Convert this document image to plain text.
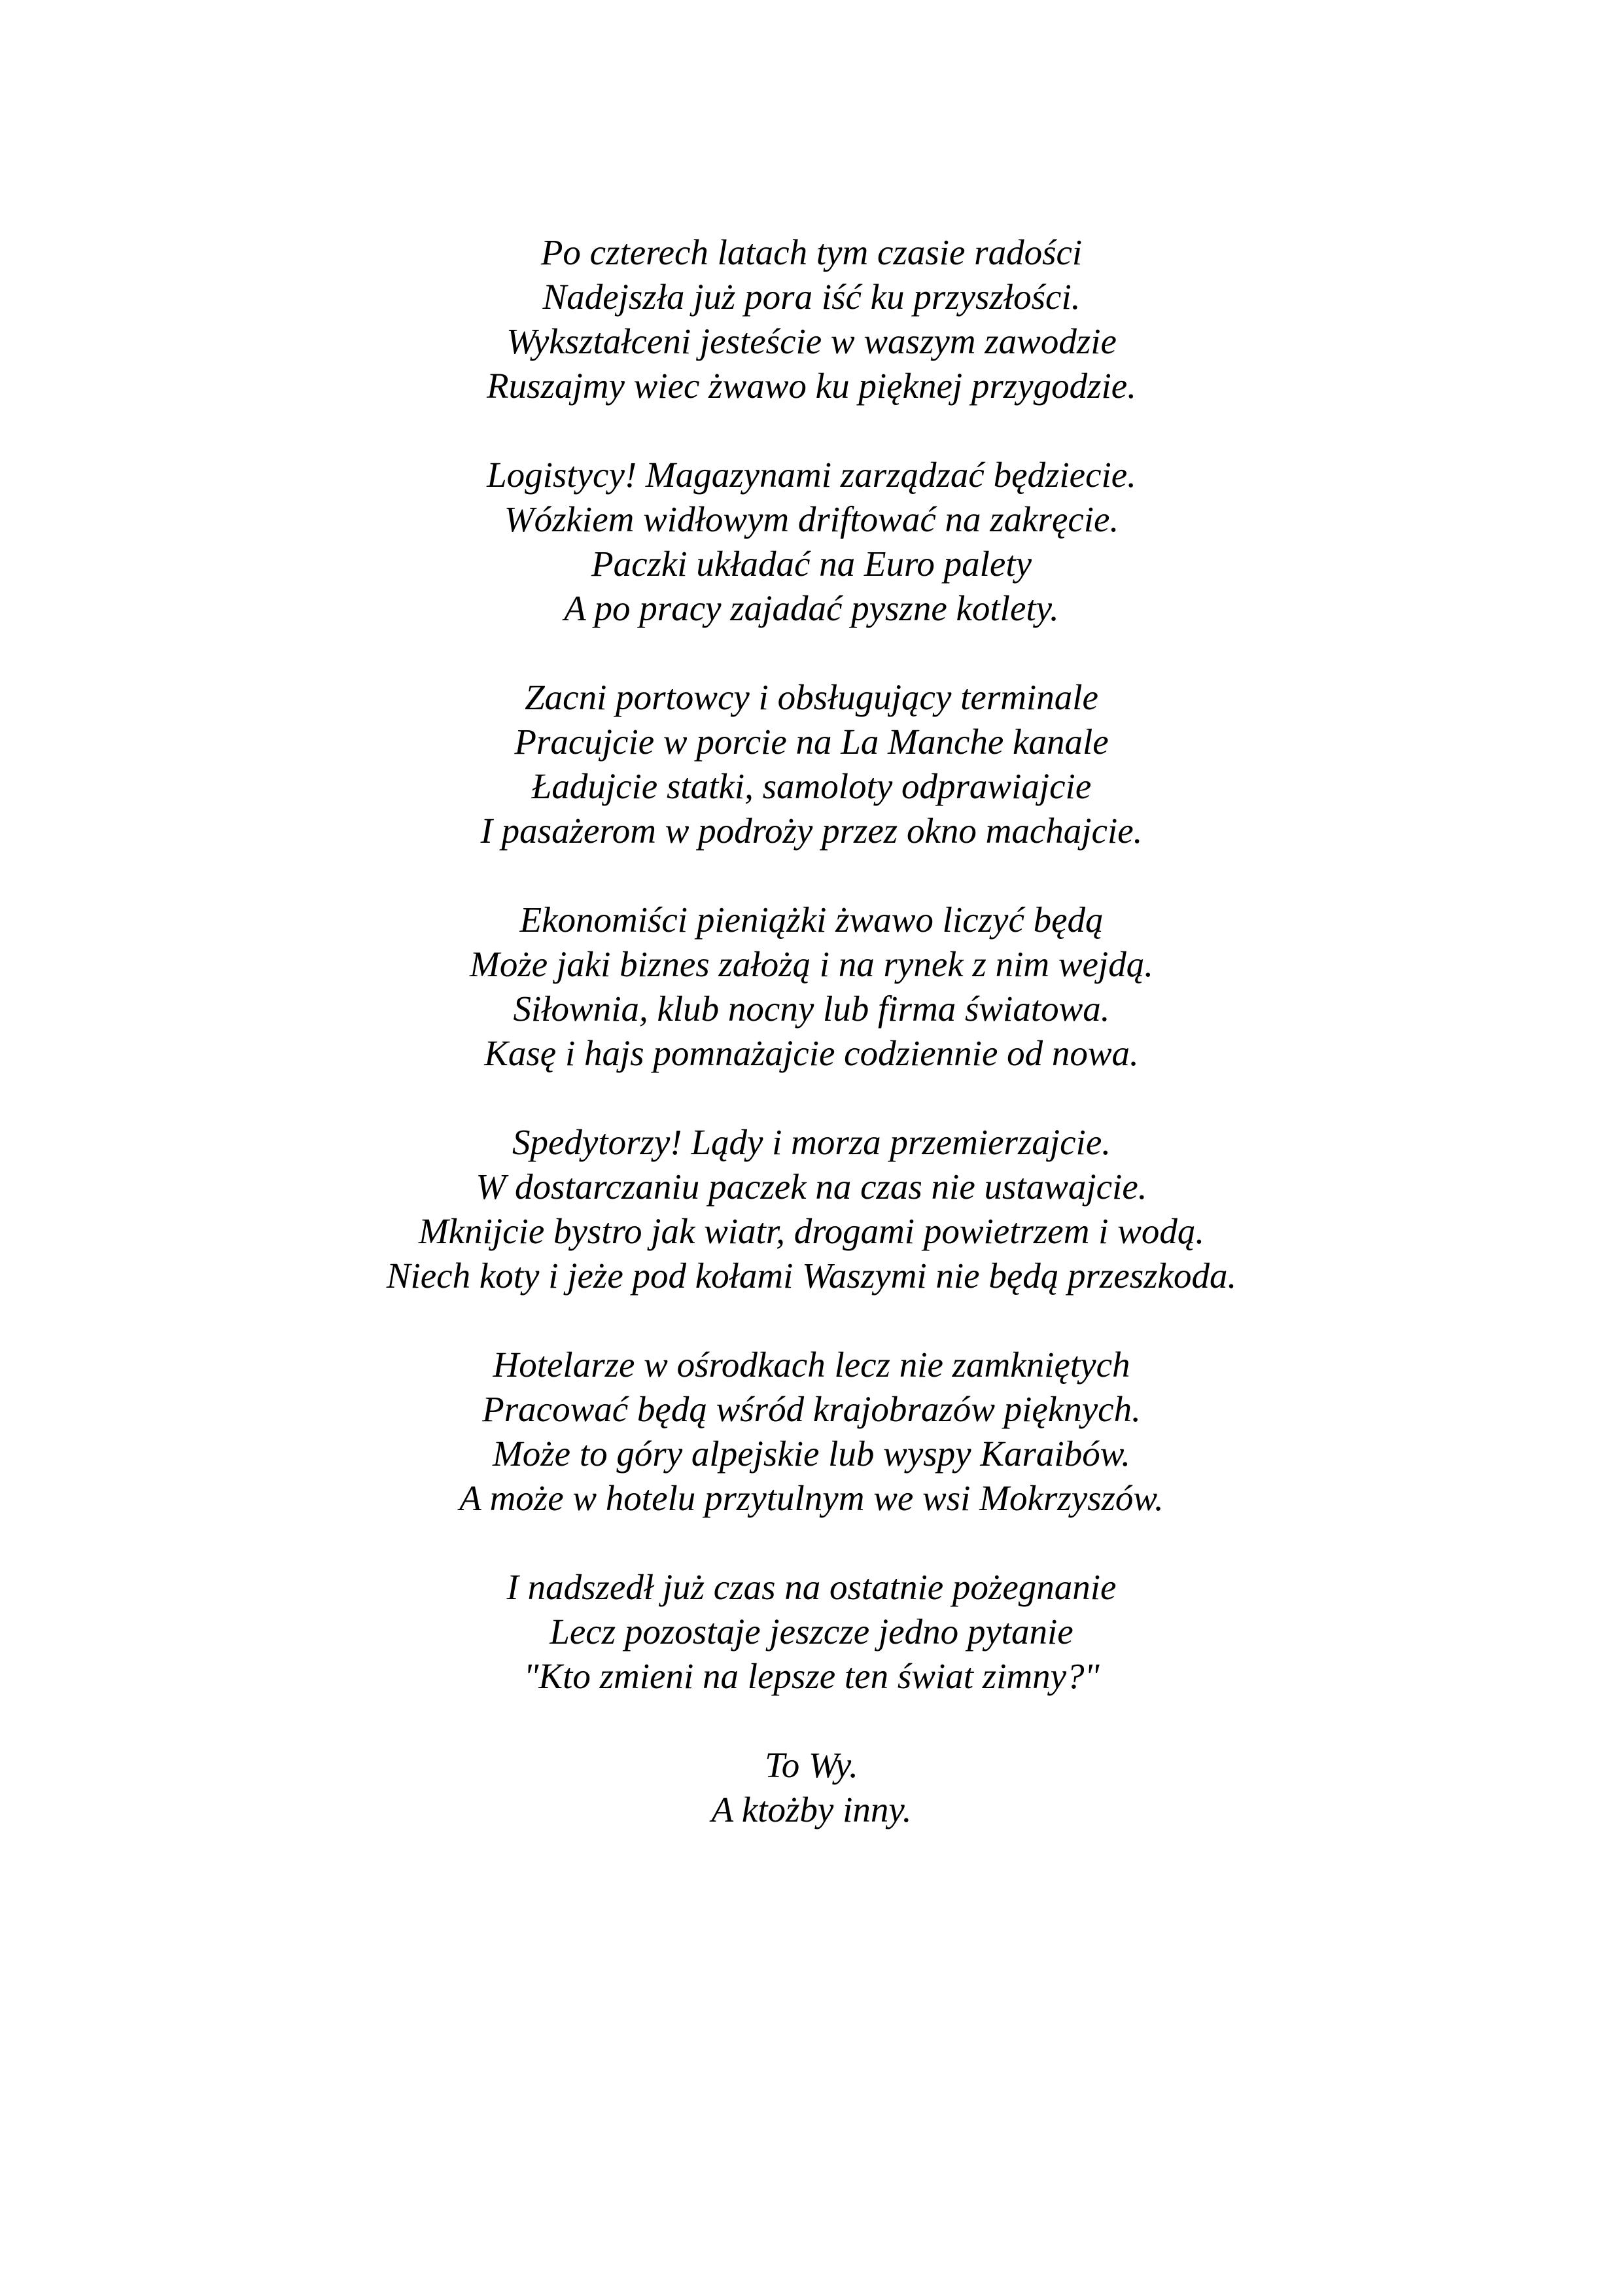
Po czterech latach tym czasie radości
Nadejszła już pora iść ku przyszłości.
Wykształceni jesteście w waszym zawodzie
Ruszajmy wiec żwawo ku pięknej przygodzie.
Logistycy! Magazynami zarządzać będziecie.
Wózkiem widłowym driftować na zakręcie.
Paczki układać na Euro palety
A po pracy zajadać pyszne kotlety.
Zacni portowcy i obsługujący terminale
Pracujcie w porcie na La Manche kanale
Ładujcie statki, samoloty odprawiajcie
I pasażerom w podroży przez okno machajcie.
Ekonomiści pieniążki żwawo liczyć będą
Może jaki biznes założą i na rynek z nim wejdą.
Siłownia, klub nocny lub firma światowa.
Kasę i hajs pomnażajcie codziennie od nowa.
Spedytorzy! Lądy i morza przemierzajcie.
W dostarczaniu paczek na czas nie ustawajcie.
Mknijcie bystro jak wiatr, drogami powietrzem i wodą.
Niech koty i jeże pod kołami Waszymi nie będą przeszkoda.
Hotelarze w ośrodkach lecz nie zamkniętych
Pracować będą wśród krajobrazów pięknych.
Może to góry alpejskie lub wyspy Karaibów.
A może w hotelu przytulnym we wsi Mokrzyszów.
I nadszedł już czas na ostatnie pożegnanie
Lecz pozostaje jeszcze jedno pytanie
"Kto zmieni na lepsze ten świat zimny?"
To Wy.
A ktożby inny.
